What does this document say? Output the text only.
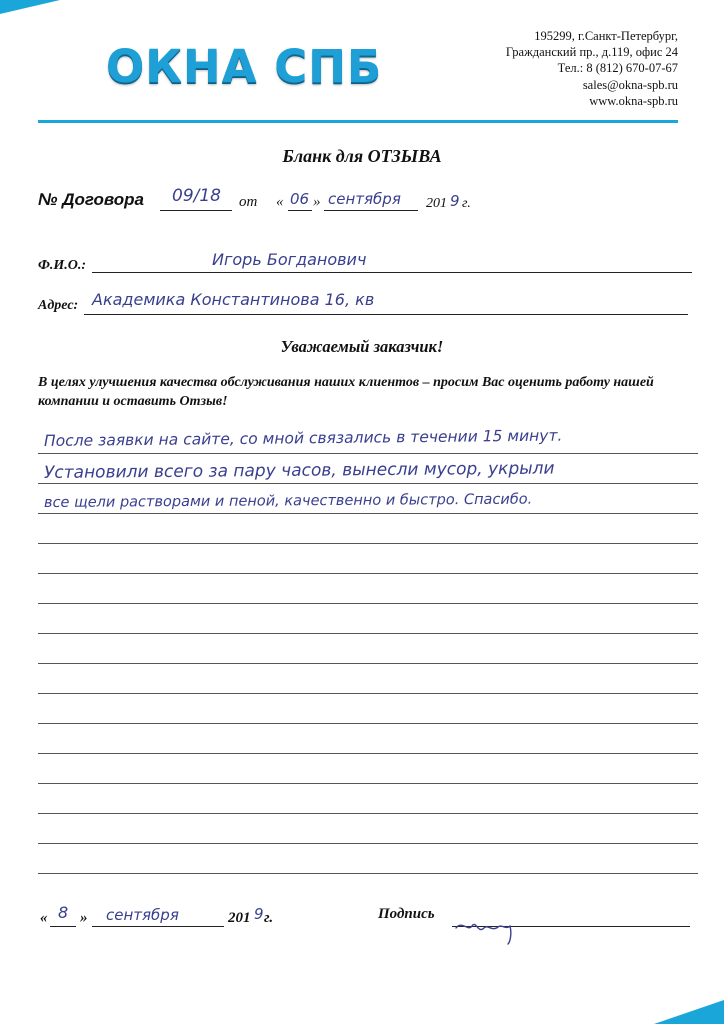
ОКНА СПБ
195299, г.Санкт-Петербург,
Гражданский пр., д.119, офис 24
Тел.: 8 (812) 670-07-67
sales@okna-spb.ru
www.okna-spb.ru
Бланк для ОТЗЫВА
№ Договора 09/18 от « 06 » сентября 201 9 г.
Ф.И.О.:	Игорь Богданович
Адрес: Академика Константинова 16, кв
Уважаемый заказчик!
В целях улучшения качества обслуживания наших клиентов – просим Вас оценить работу нашей компании и оставить Отзыв!
После заявки на сайте, со мной связались в течении 15 минут.
Установили всего за пару часов, вынесли мусор, укрыли
все щели растворами и пеной, качественно и быстро. Спасибо.
« 8 » сентября	201 9 г.	Подпись
